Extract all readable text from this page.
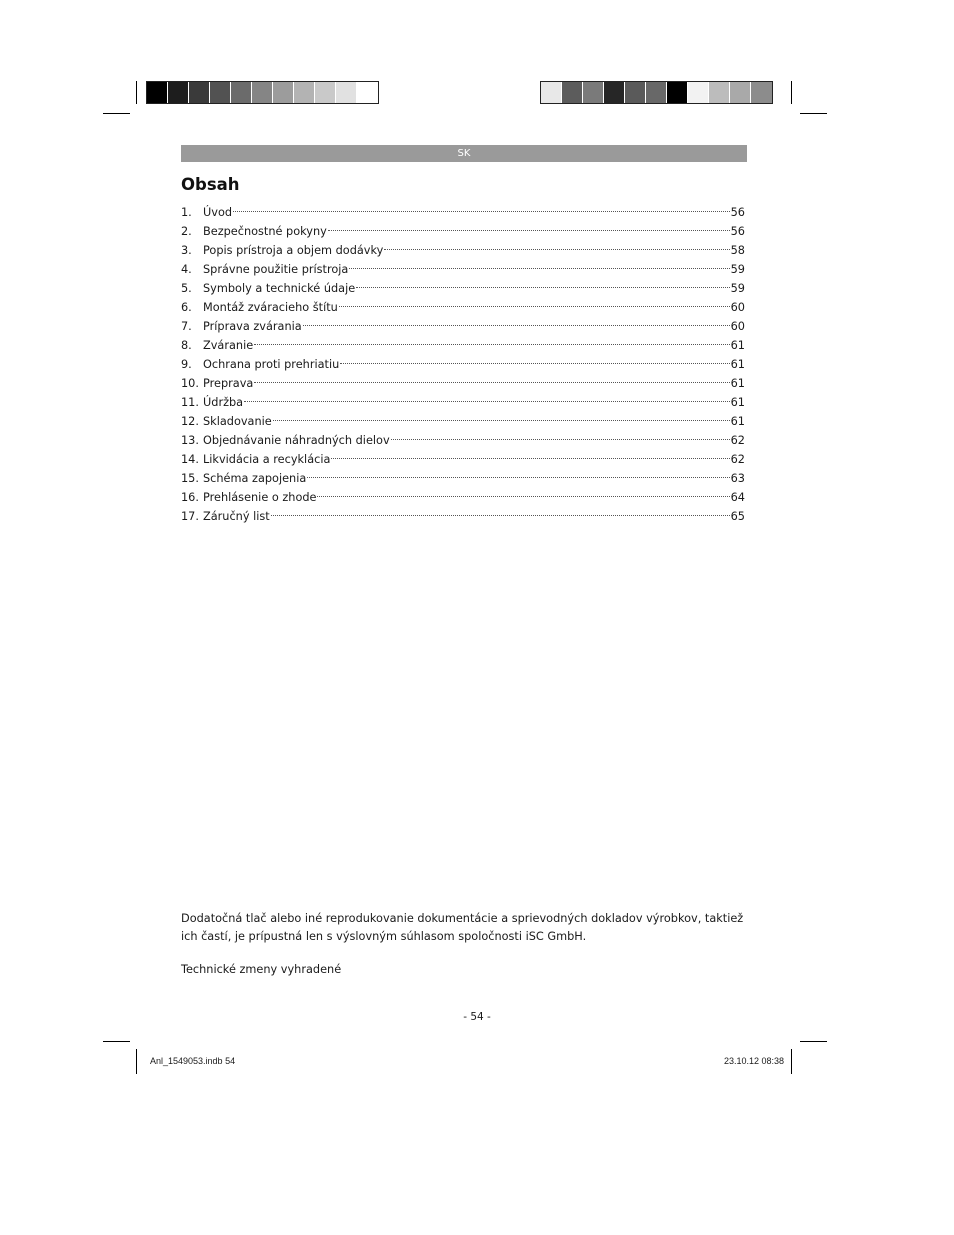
SK
Obsah
1. Úvod	56
2. Bezpečnostné pokyny	56
3. Popis prístroja a objem dodávky	58
4. Správne použitie prístroja	59
5. Symboly a technické údaje	59
6. Montáž zváracieho štítu	60
7. Príprava zvárania	60
8. Zváranie	61
9. Ochrana proti prehriatiu	61
10. Preprava	61
11. Údržba	61
12. Skladovanie	61
13. Objednávanie náhradných dielov	62
14. Likvidácia a recyklácia	62
15. Schéma zapojenia	63
16. Prehlásenie o zhode	64
17. Záručný list	65

Dodatočná tlač alebo iné reprodukovanie dokumentácie a sprievodných dokladov výrobkov, taktiež ich častí, je prípustná len s výslovným súhlasom spoločnosti iSC GmbH.

Technické zmeny vyhradené

- 54 -
Anl_1549053.indb 54	23.10.12 08:38
